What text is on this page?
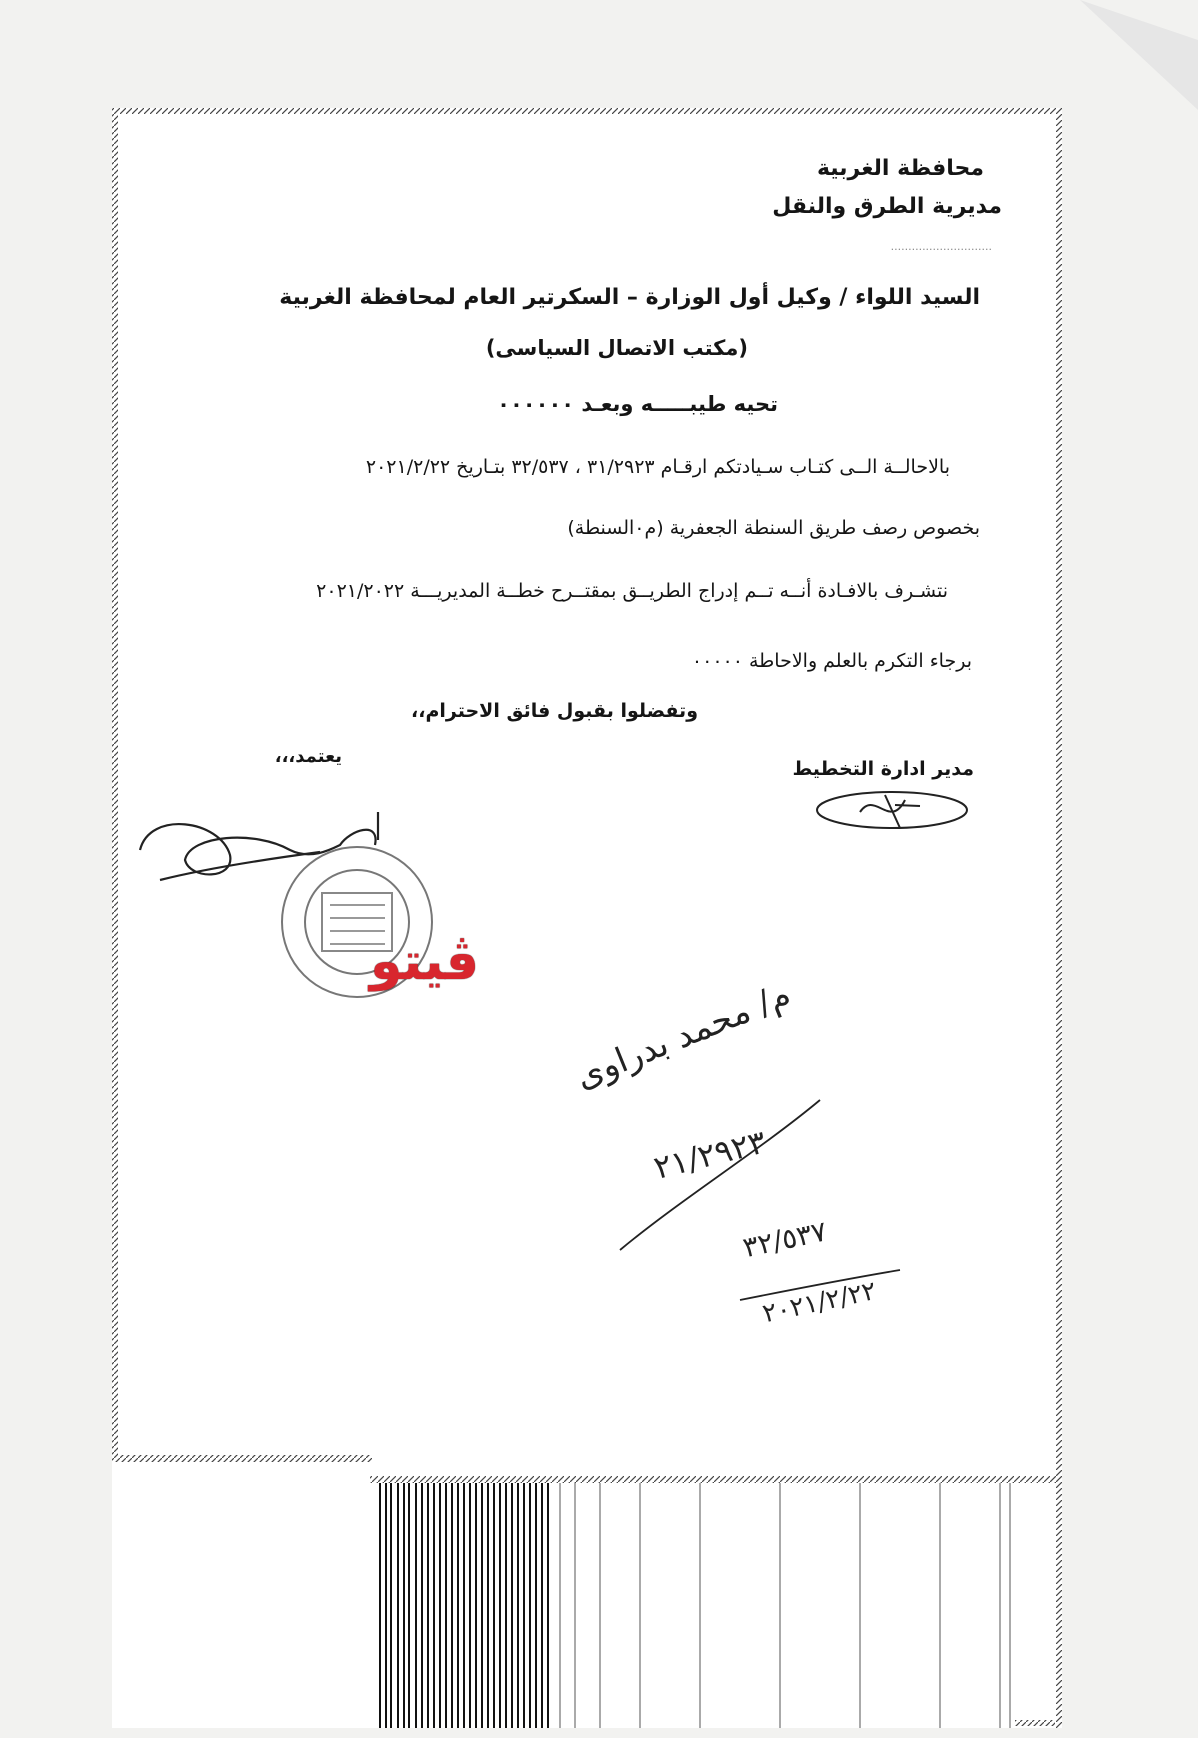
محافظة الغربية
مديرية الطرق والنقل
.............................
السيد اللواء / وكيل أول الوزارة – السكرتير العام لمحافظة الغربية
(مكتب الاتصال السياسى)
تحيه طيبـــــه وبعـد ٠٠٠٠٠٠
بالاحالــة الــى كتـاب سـيادتكم ارقـام ٣١/٢٩٢٣ ، ٣٢/٥٣٧ بتـاريخ ٢٠٢١/٢/٢٢
بخصوص رصف طريق السنطة الجعفرية (م٠السنطة)
نتشـرف بالافـادة أنــه تــم إدراج الطريــق بمقتــرح خطــة المديريـــة ٢٠٢١/٢٠٢٢
برجاء التكرم بالعلم والاحاطة ٠٠٠٠٠
وتفضلوا بقبول فائق الاحترام،،
يعتمد،،،
مدير ادارة التخطيط
ڤيتو
م/ محمد بدراوى
٢١/٢٩٢٣
٣٢/٥٣٧
٢٠٢١/٢/٢٢
